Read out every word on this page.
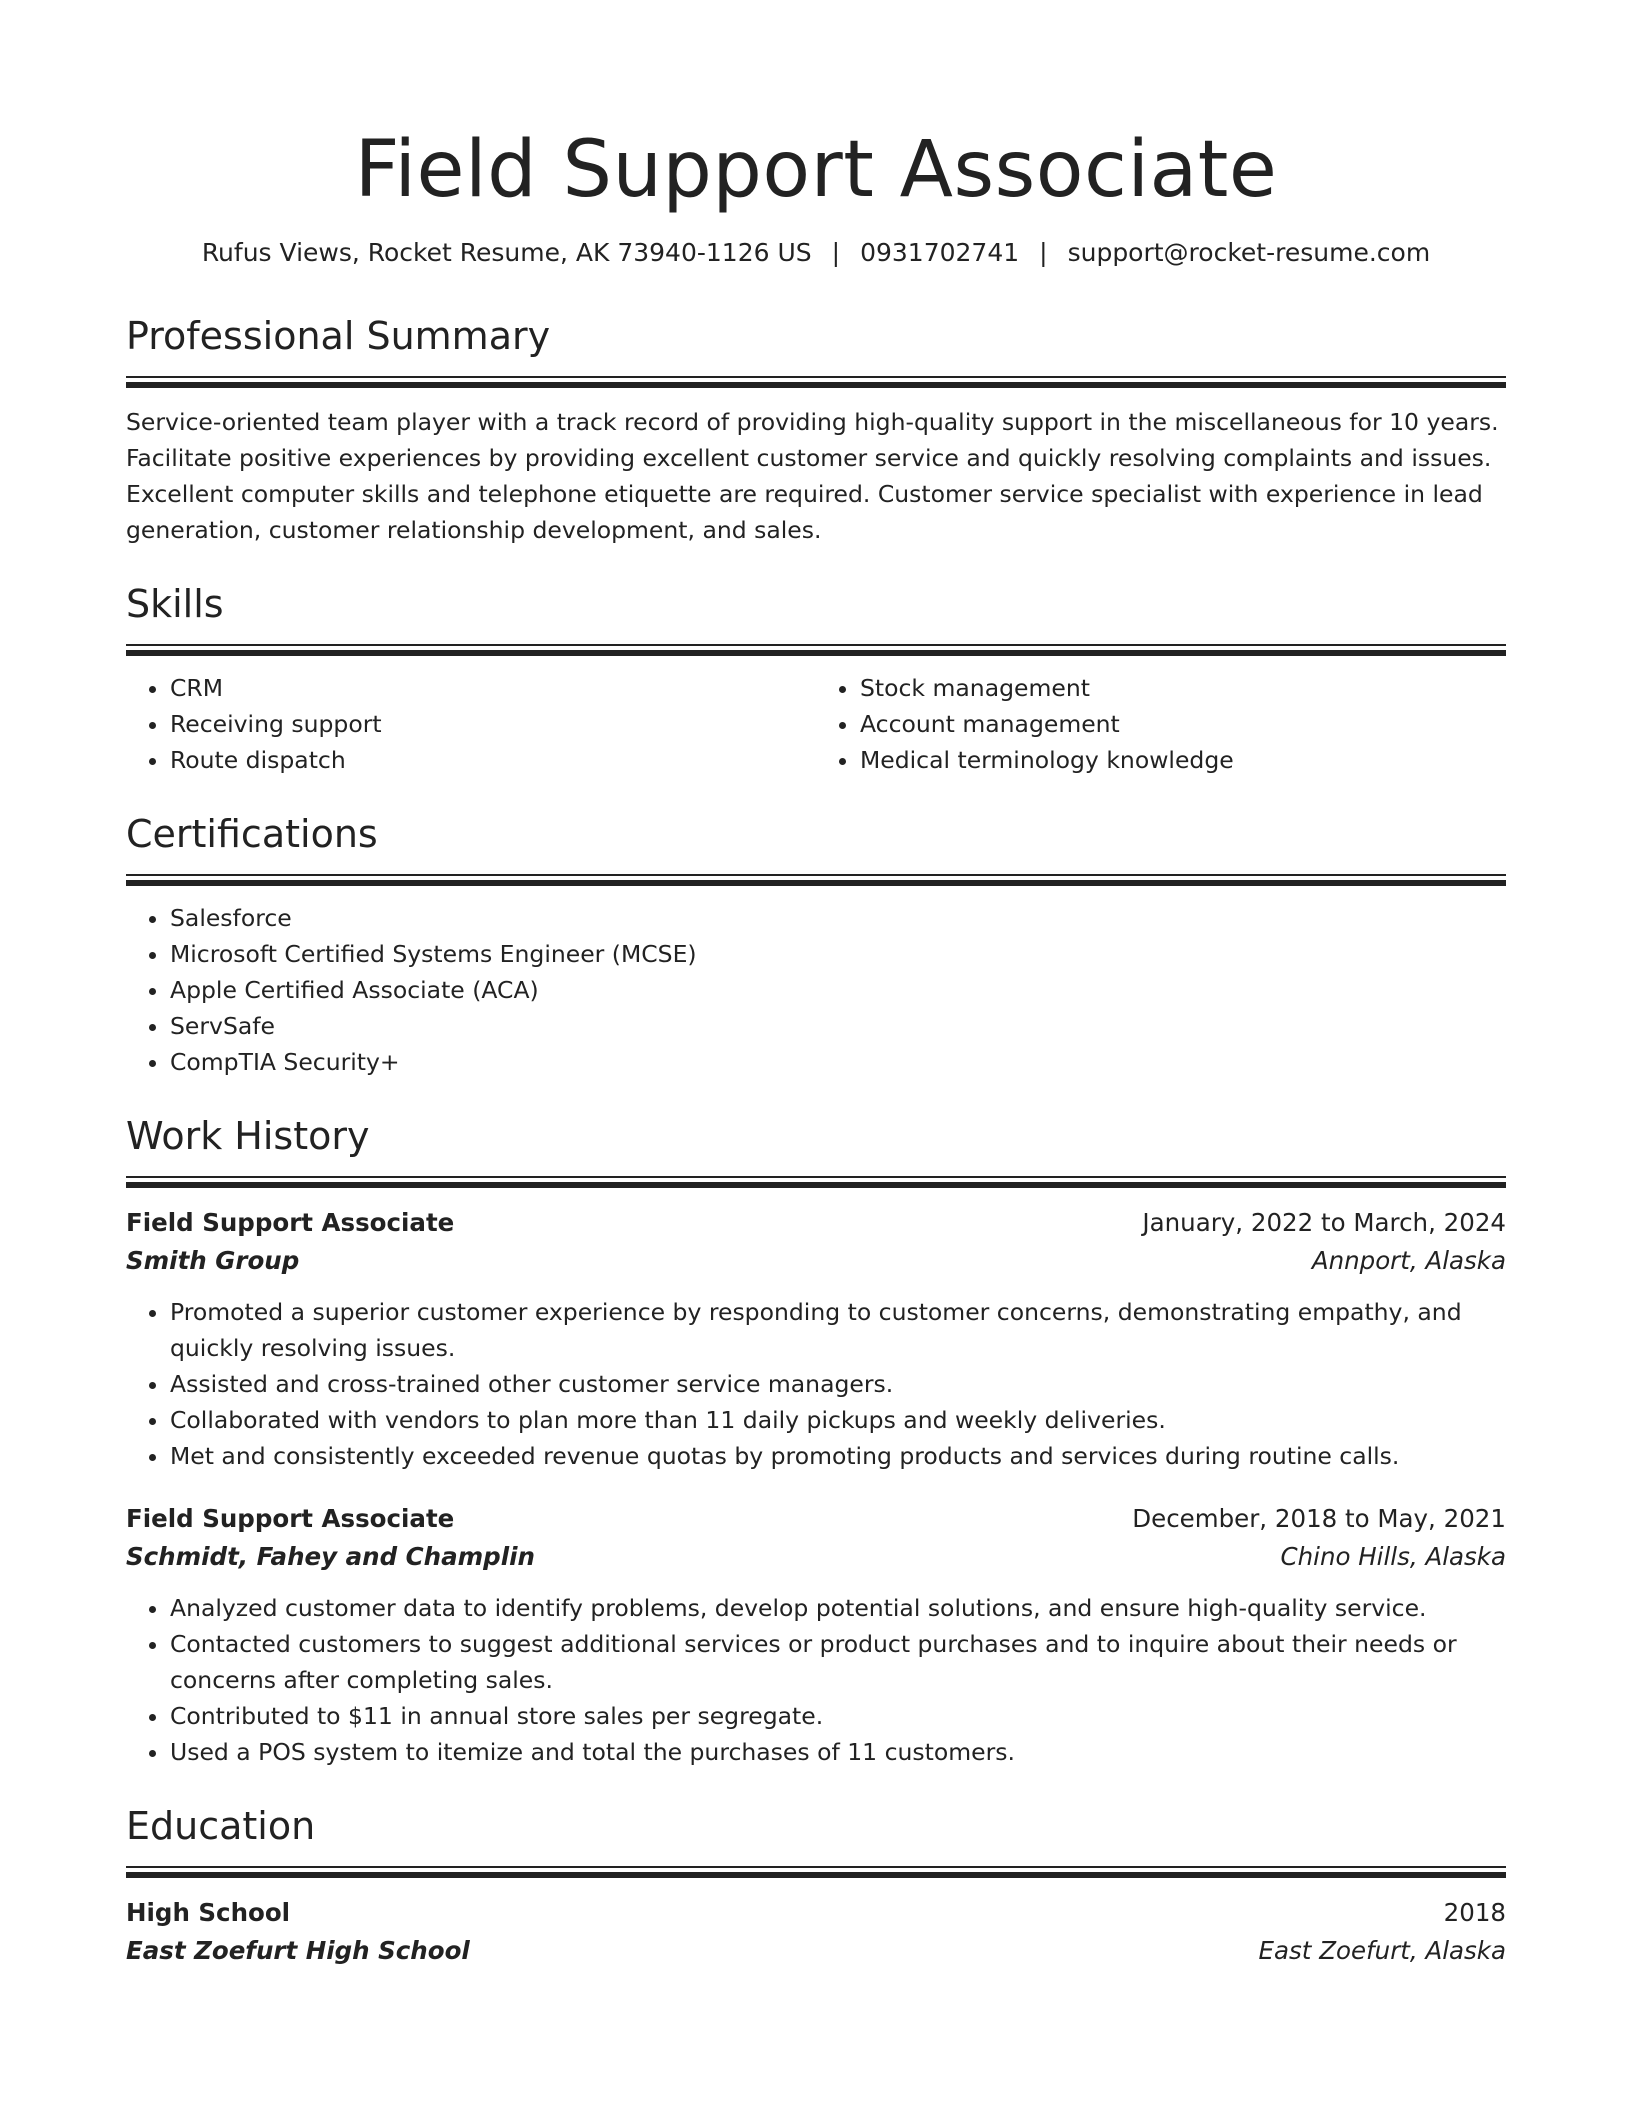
Field Support Associate
Rufus Views, Rocket Resume, AK 73940-1126 US | 0931702741 | support@rocket-resume.com
Professional Summary
Service-oriented team player with a track record of providing high-quality support in the miscellaneous for 10 years. Facilitate positive experiences by providing excellent customer service and quickly resolving complaints and issues. Excellent computer skills and telephone etiquette are required. Customer service specialist with experience in lead generation, customer relationship development, and sales.
Skills
• CRM
• Receiving support
• Route dispatch
• Stock management
• Account management
• Medical terminology knowledge
Certifications
• Salesforce
• Microsoft Certified Systems Engineer (MCSE)
• Apple Certified Associate (ACA)
• ServSafe
• CompTIA Security+
Work History
Field Support Associate	January, 2022 to March, 2024
Smith Group	Annport, Alaska
• Promoted a superior customer experience by responding to customer concerns, demonstrating empathy, and quickly resolving issues.
• Assisted and cross-trained other customer service managers.
• Collaborated with vendors to plan more than 11 daily pickups and weekly deliveries.
• Met and consistently exceeded revenue quotas by promoting products and services during routine calls.
Field Support Associate	December, 2018 to May, 2021
Schmidt, Fahey and Champlin	Chino Hills, Alaska
• Analyzed customer data to identify problems, develop potential solutions, and ensure high-quality service.
• Contacted customers to suggest additional services or product purchases and to inquire about their needs or concerns after completing sales.
• Contributed to $11 in annual store sales per segregate.
• Used a POS system to itemize and total the purchases of 11 customers.
Education
High School	2018
East Zoefurt High School	East Zoefurt, Alaska
